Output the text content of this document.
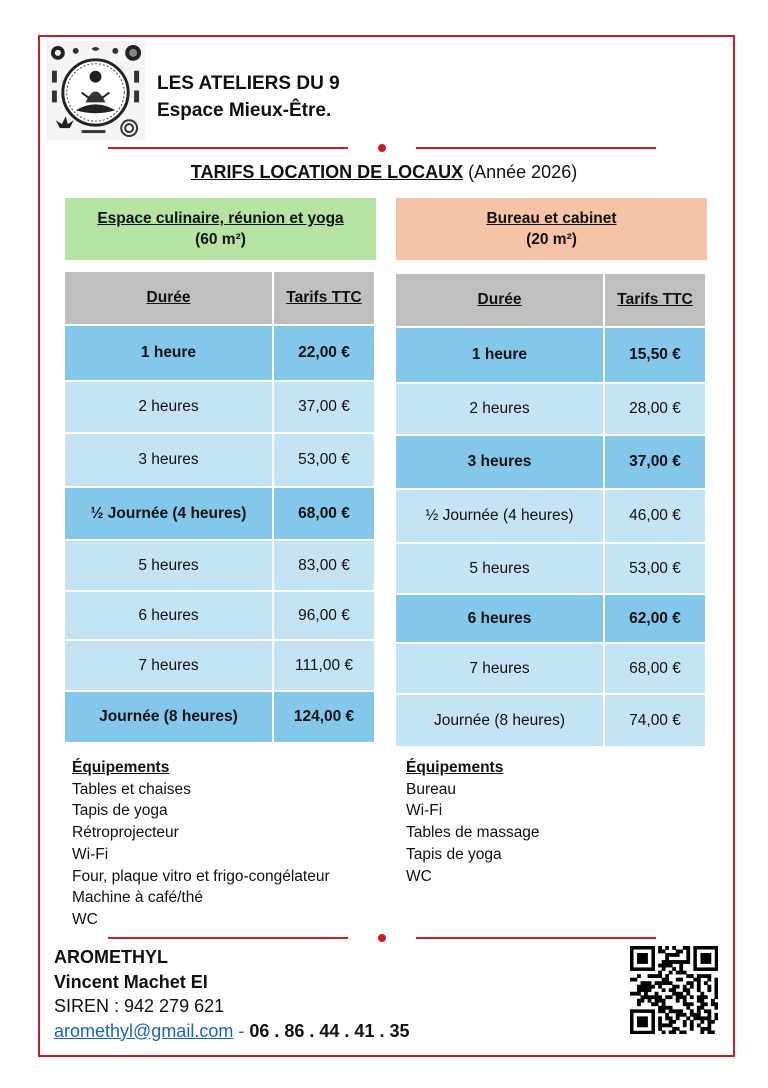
LES ATELIERS DU 9
Espace Mieux-Être.
TARIFS LOCATION DE LOCAUX (Année 2026)
Espace culinaire, réunion et yoga
(60 m²)
Durée	Tarifs TTC
1 heure	22,00 €
2 heures	37,00 €
3 heures	53,00 €
½ Journée (4 heures)	68,00 €
5 heures	83,00 €
6 heures	96,00 €
7 heures	111,00 €
Journée (8 heures)	124,00 €
Bureau et cabinet
(20 m²)
Durée	Tarifs TTC
1 heure	15,50 €
2 heures	28,00 €
3 heures	37,00 €
½ Journée (4 heures)	46,00 €
5 heures	53,00 €
6 heures	62,00 €
7 heures	68,00 €
Journée (8 heures)	74,00 €
Équipements
Tables et chaises
Tapis de yoga
Rétroprojecteur
Wi-Fi
Four, plaque vitro et frigo-congélateur
Machine à café/thé
WC
Équipements
Bureau
Wi-Fi
Tables de massage
Tapis de yoga
WC
AROMETHYL
Vincent Machet EI
SIREN : 942 279 621
aromethyl@gmail.com - 06 . 86 . 44 . 41 . 35
